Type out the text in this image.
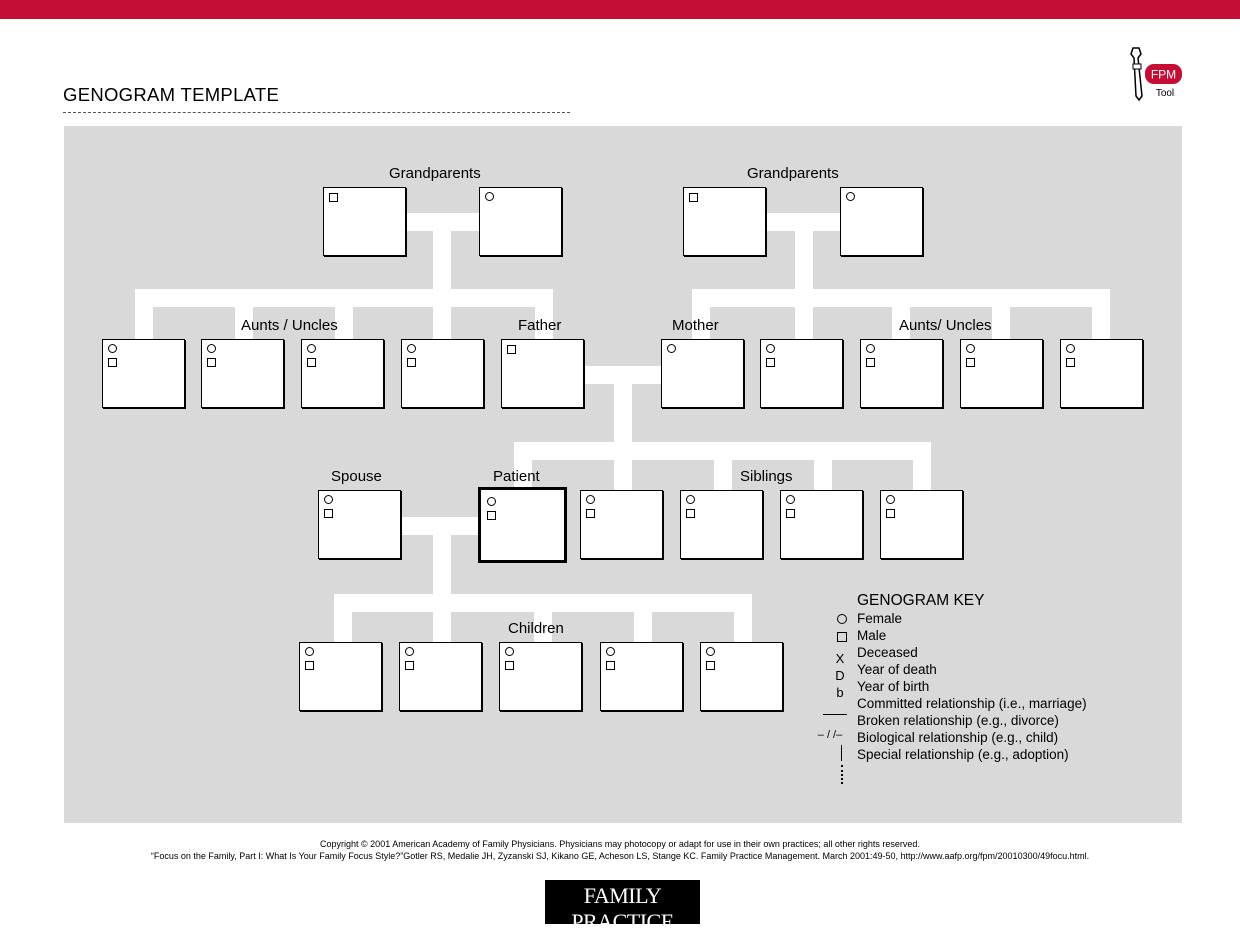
GENOGRAM TEMPLATE
FPM
Tool
Grandparents	Grandparents
Aunts / Uncles	Father	Mother	Aunts/ Uncles
Spouse	Patient	Siblings
Children
GENOGRAM KEY
Female
Male
X Deceased
D Year of death
b Year of birth
Committed relationship (i.e., marriage)
– / /–
Broken relationship (e.g., divorce)
Biological relationship (e.g., child)
Special relationship (e.g., adoption)
Copyright © 2001 American Academy of Family Physicians. Physicians may photocopy or adapt for use in their own practices; all other rights reserved.
“Focus on the Family, Part I: What Is Your Family Focus Style?”Gotler RS, Medalie JH, Zyzanski SJ, Kikano GE, Acheson LS, Stange KC. Family Practice Management. March 2001:49-50, http://www.aafp.org/fpm/20010300/49focu.html.
FAMILY PRACTICE
MANAGEMENT
